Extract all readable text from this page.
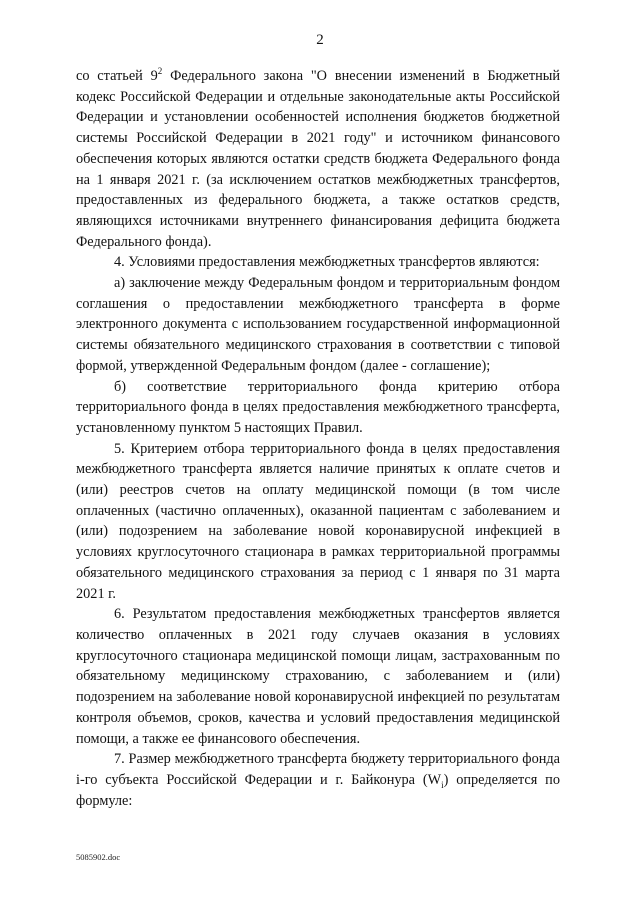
2

со статьей $9^2$ Федерального закона "О внесении изменений в Бюджетный кодекс Российской Федерации и отдельные законодательные акты Российской Федерации и установлении особенностей исполнения бюджетов бюджетной системы Российской Федерации в 2021 году" и источником финансового обеспечения которых являются остатки средств бюджета Федерального фонда на 1 января 2021 г. (за исключением остатков межбюджетных трансфертов, предоставленных из федерального бюджета, а также остатков средств, являющихся источниками внутреннего финансирования дефицита бюджета Федерального фонда).

4. Условиями предоставления межбюджетных трансфертов являются:

а) заключение между Федеральным фондом и территориальным фондом соглашения о предоставлении межбюджетного трансферта в форме электронного документа с использованием государственной информационной системы обязательного медицинского страхования в соответствии с типовой формой, утвержденной Федеральным фондом (далее - соглашение);

б) соответствие территориального фонда критерию отбора территориального фонда в целях предоставления межбюджетного трансферта, установленному пунктом 5 настоящих Правил.

5. Критерием отбора территориального фонда в целях предоставления межбюджетного трансферта является наличие принятых к оплате счетов и (или) реестров счетов на оплату медицинской помощи (в том числе оплаченных (частично оплаченных), оказанной пациентам с заболеванием и (или) подозрением на заболевание новой коронавирусной инфекцией в условиях круглосуточного стационара в рамках территориальной программы обязательного медицинского страхования за период с 1 января по 31 марта 2021 г.

6. Результатом предоставления межбюджетных трансфертов является количество оплаченных в 2021 году случаев оказания в условиях круглосуточного стационара медицинской помощи лицам, застрахованным по обязательному медицинскому страхованию, с заболеванием и (или) подозрением на заболевание новой коронавирусной инфекцией по результатам контроля объемов, сроков, качества и условий предоставления медицинской помощи, а также ее финансового обеспечения.

7. Размер межбюджетного трансферта бюджету территориального фонда i-го субъекта Российской Федерации и г. Байконура $(W_i)$ определяется по формуле:

5085902.doc
